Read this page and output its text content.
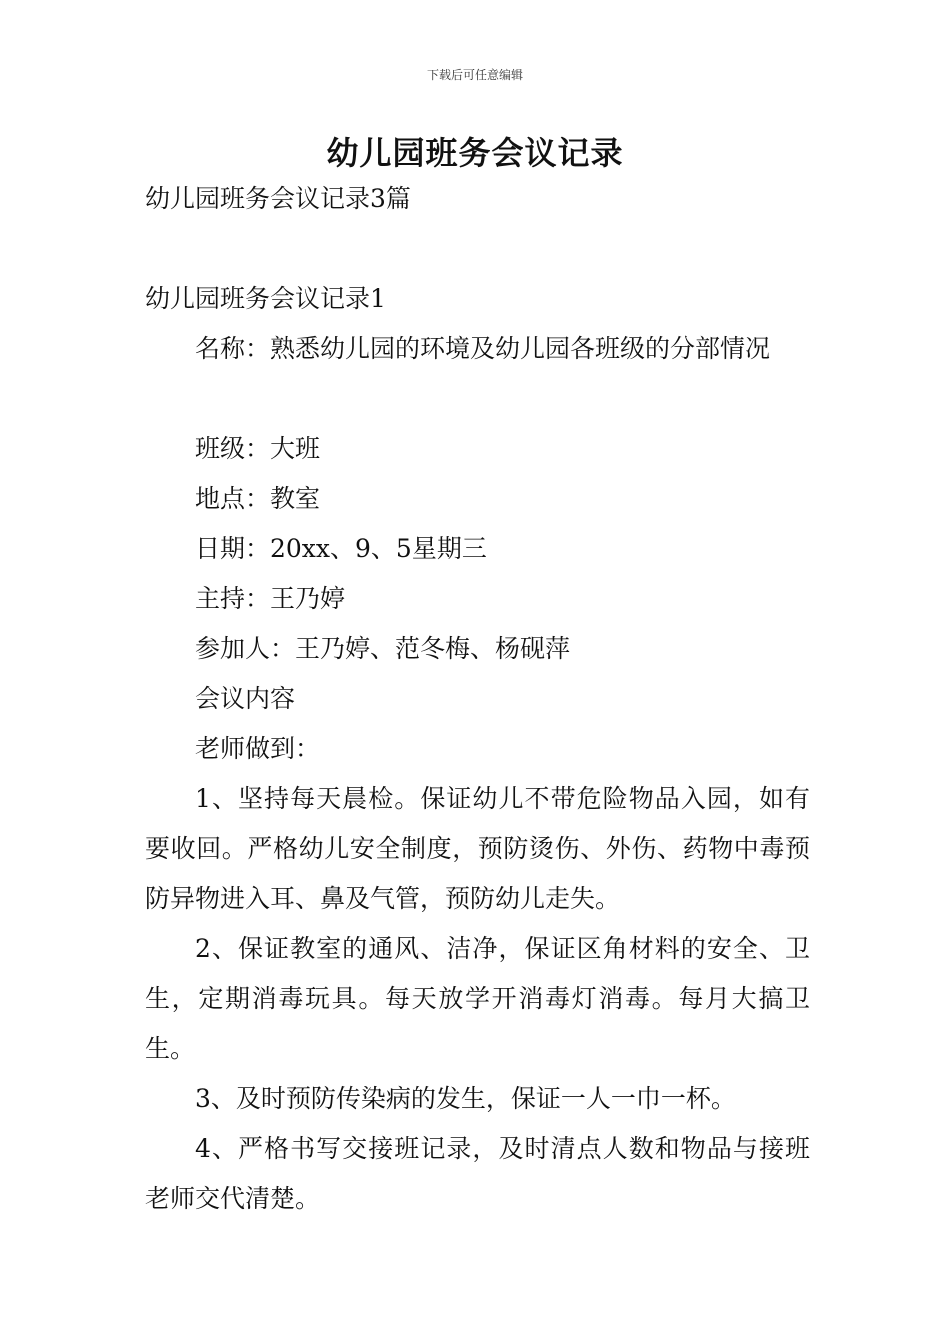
下载后可任意编辑
幼儿园班务会议记录
幼儿园班务会议记录3篇
幼儿园班务会议记录1
名称：熟悉幼儿园的环境及幼儿园各班级的分部情况
班级：大班
地点：教室
日期：20xx、9、5星期三
主持：王乃婷
参加人：王乃婷、范冬梅、杨砚萍
会议内容
老师做到：
1、坚持每天晨检。保证幼儿不带危险物品入园，如有要收回。严格幼儿安全制度，预防烫伤、外伤、药物中毒预防异物进入耳、鼻及气管，预防幼儿走失。
2、保证教室的通风、洁净，保证区角材料的安全、卫生，定期消毒玩具。每天放学开消毒灯消毒。每月大搞卫生。
3、及时预防传染病的发生，保证一人一巾一杯。
4、严格书写交接班记录，及时清点人数和物品与接班老师交代清楚。
